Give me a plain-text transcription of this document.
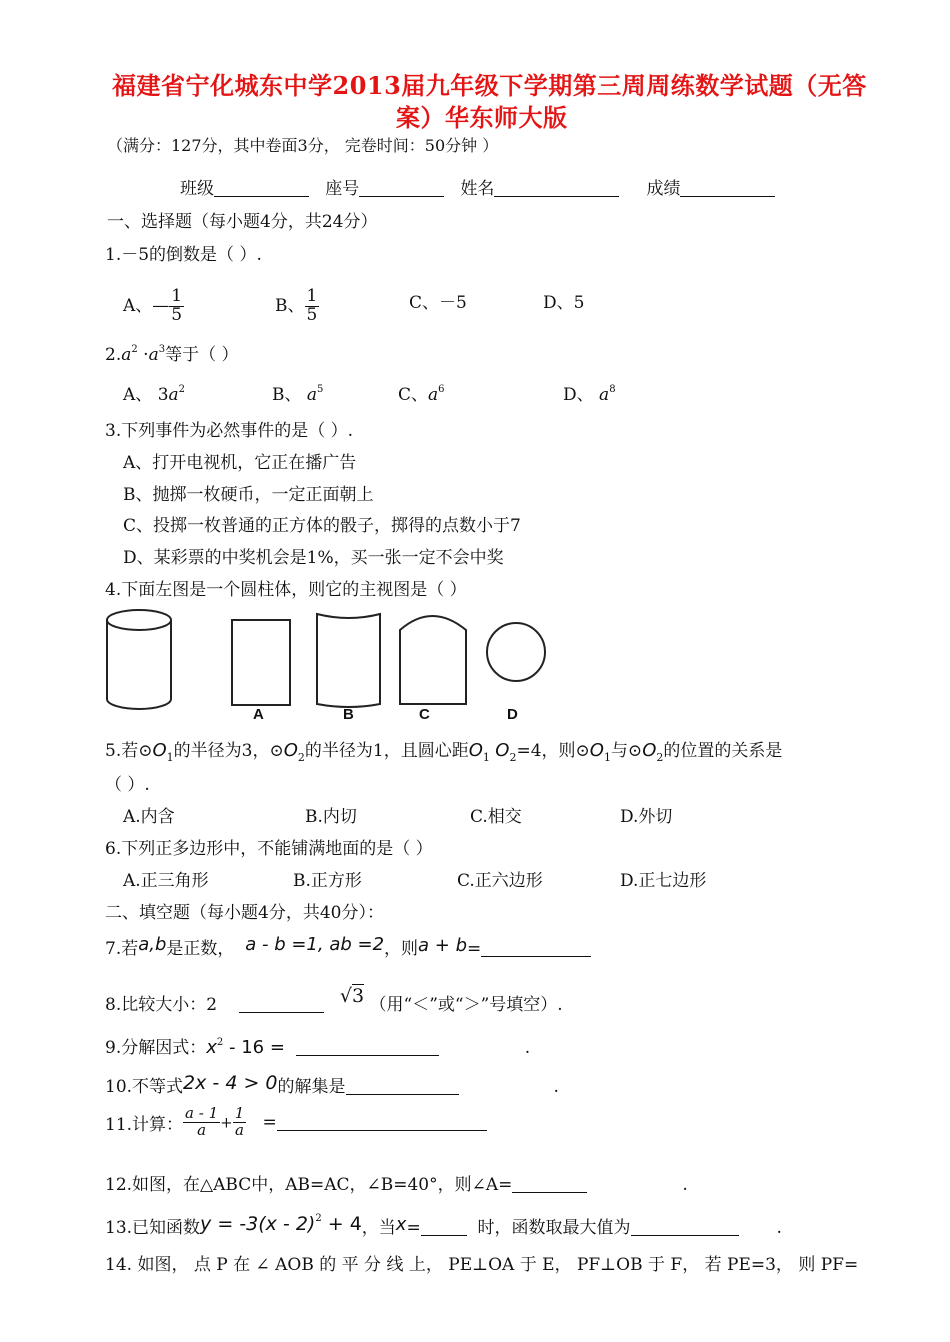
福建省宁化城东中学2013届九年级下学期第三周周练数学试题（无答
案）华东师大版
（满分：127分，其中卷面3分， 完卷时间：50分钟 ）
班级	座号	姓名	成绩
一、选择题（每小题4分，共24分）
1.－5的倒数是（ ）.
A、— $\frac{1}{5}$	B、 $\frac{1}{5}$	C、－5	D、5
$2.a^2 \cdot a^3$等于（ ）
A、 $3a^2$	B、 $a^5$	C、$a^6$	D、 $a^8$
3.下列事件为必然事件的是（ ）.
A、打开电视机，它正在播广告
B、抛掷一枚硬币，一定正面朝上
C、投掷一枚普通的正方体的骰子，掷得的点数小于7
D、某彩票的中奖机会是1%，买一张一定不会中奖
4.下面左图是一个圆柱体，则它的主视图是（ ）
A	B	C	D
5.若$⊙O_1$的半径为3，$⊙O_2$的半径为1，且圆心距$O_1$ $O_2=4$，则$⊙O_1$与$⊙O_2$的位置的关系是
（ ）.
A.内含	B.内切	C.相交	D.外切
6.下列正多边形中，不能铺满地面的是（ ）
A.正三角形	B.正方形	C.正六边形	D.正七边形
二、填空题（每小题4分，共40分）：
7.若a,b是正数， a - b =1, ab =2，则a + b=
8.比较大小：2	√3 （用“＜”或“＞”号填空）.
9.分解因式：$x^2 - 16$ =	.
10.不等式2x - 4 > 0的解集是	.
11.计算： $\frac{a - 1}{a} + \frac{1}{a}$ =
12.如图，在△ABC中，AB=AC，∠B=40°，则∠A=	.
13.已知函数y = -3(x - 2)$^2$ + 4，当x=	时，函数取最大值为	.
14. 如图， 点 P 在 ∠ AOB 的 平 分 线 上， PE⊥OA 于 E， PF⊥OB 于 F， 若 PE=3， 则 PF=
